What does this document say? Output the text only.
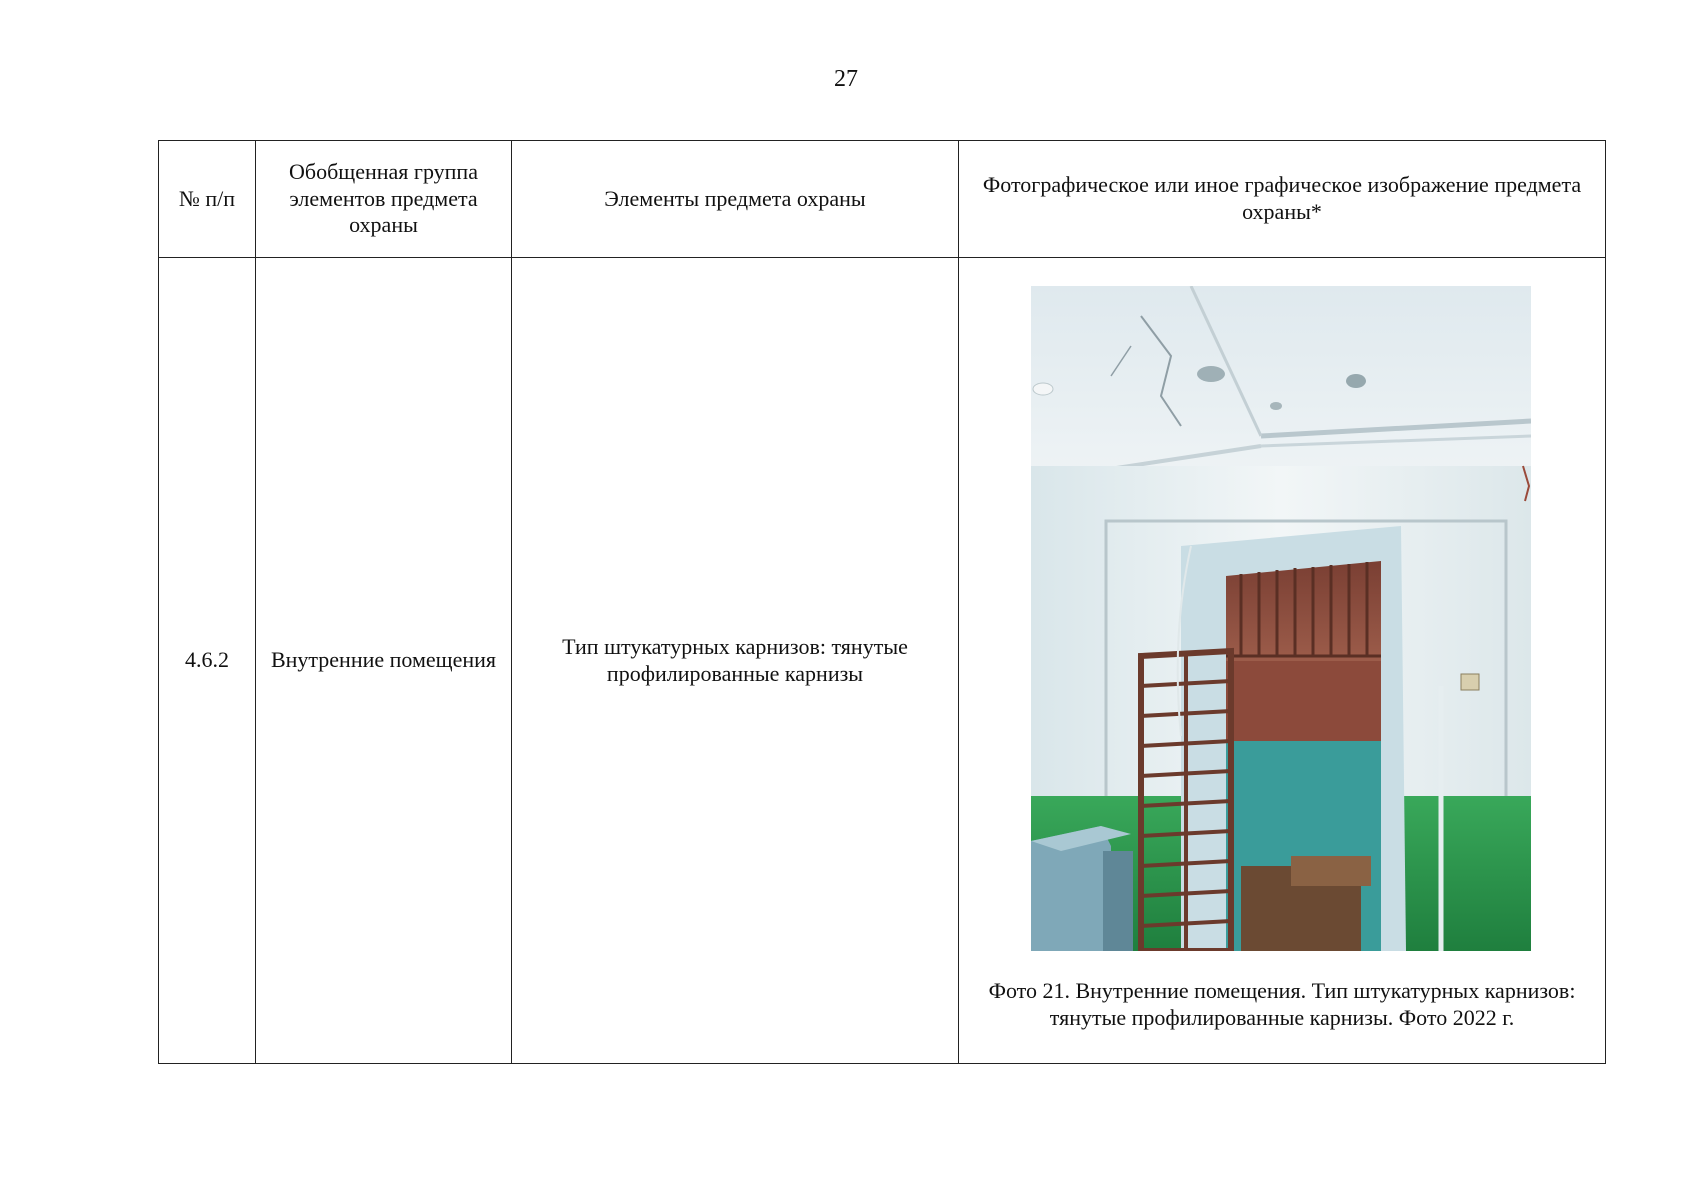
27
№ п/п	Обобщенная группа элементов предмета охраны	Элементы предмета охраны	Фотографическое или иное графическое изображение предмета охраны*
4.6.2	Внутренние помещения	Тип штукатурных карнизов: тянутые профилированные карнизы	Фото 21. Внутренние помещения. Тип штукатурных карнизов: тянутые профилированные карнизы. Фото 2022 г.
